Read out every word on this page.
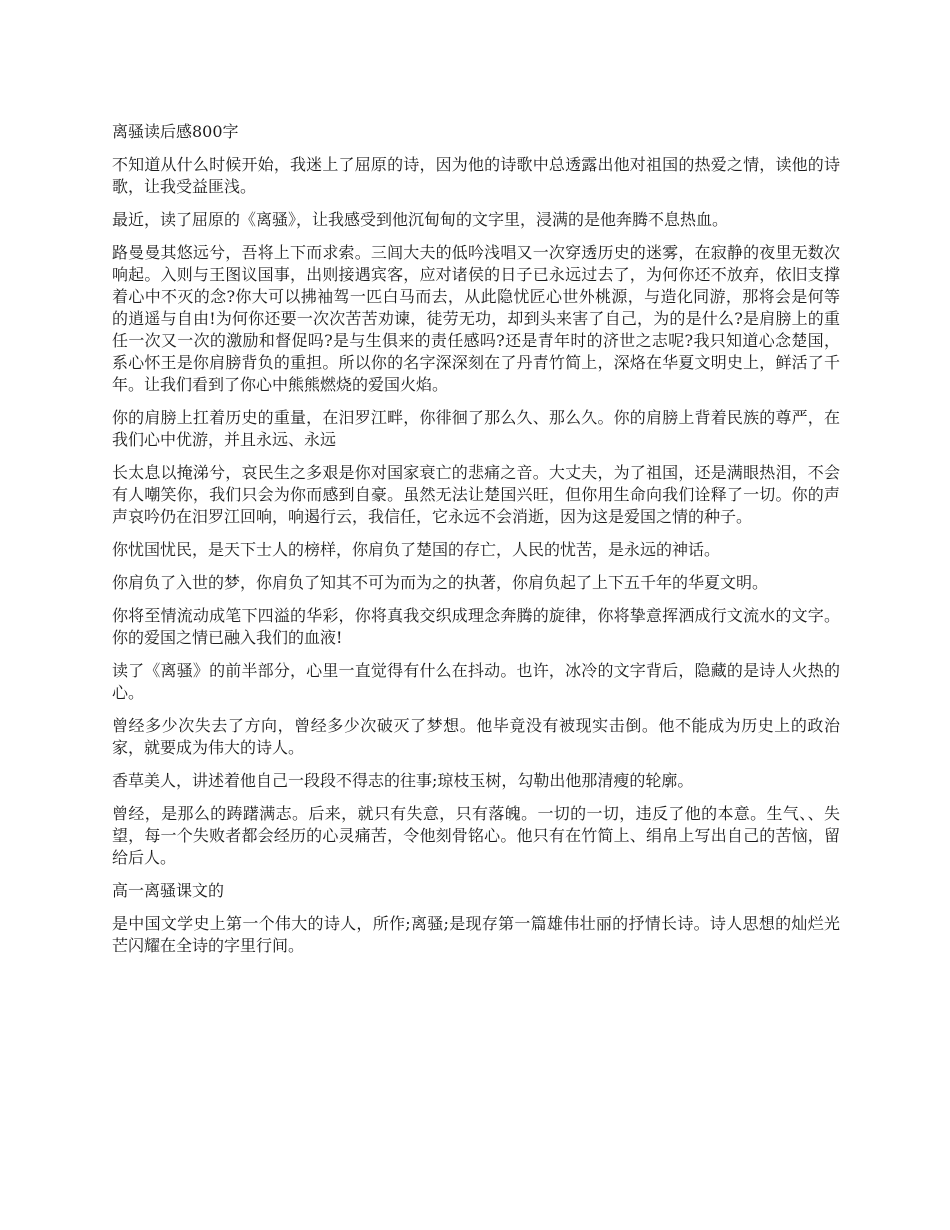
离骚读后感800字

不知道从什么时候开始，我迷上了屈原的诗，因为他的诗歌中总透露出他对祖国的热爱之情，读他的诗歌，让我受益匪浅。

最近，读了屈原的《离骚》，让我感受到他沉甸甸的文字里，浸满的是他奔腾不息热血。

路曼曼其悠远兮，吾将上下而求索。三闾大夫的低吟浅唱又一次穿透历史的迷雾，在寂静的夜里无数次响起。入则与王图议国事，出则接遇宾客，应对诸侯的日子已永远过去了，为何你还不放弃，依旧支撑着心中不灭的念?你大可以拂袖驾一匹白马而去，从此隐忧匠心世外桃源，与造化同游，那将会是何等的逍遥与自由!为何你还要一次次苦苦劝谏，徒劳无功，却到头来害了自己，为的是什么?是肩膀上的重任一次又一次的激励和督促吗?是与生俱来的责任感吗?还是青年时的济世之志呢?我只知道心念楚国，系心怀王是你肩膀背负的重担。所以你的名字深深刻在了丹青竹简上，深烙在华夏文明史上，鲜活了千年。让我们看到了你心中熊熊燃烧的爱国火焰。

你的肩膀上扛着历史的重量，在汨罗江畔，你徘徊了那么久、那么久。你的肩膀上背着民族的尊严，在我们心中优游，并且永远、永远

长太息以掩涕兮，哀民生之多艰是你对国家衰亡的悲痛之音。大丈夫，为了祖国，还是满眼热泪，不会有人嘲笑你，我们只会为你而感到自豪。虽然无法让楚国兴旺，但你用生命向我们诠释了一切。你的声声哀吟仍在汨罗江回响，响遏行云，我信任，它永远不会消逝，因为这是爱国之情的种子。

你忧国忧民，是天下士人的榜样，你肩负了楚国的存亡，人民的忧苦，是永远的神话。

你肩负了入世的梦，你肩负了知其不可为而为之的执著，你肩负起了上下五千年的华夏文明。

你将至情流动成笔下四溢的华彩，你将真我交织成理念奔腾的旋律，你将挚意挥洒成行文流水的文字。你的爱国之情已融入我们的血液!

读了《离骚》的前半部分，心里一直觉得有什么在抖动。也许，冰冷的文字背后，隐藏的是诗人火热的心。

曾经多少次失去了方向，曾经多少次破灭了梦想。他毕竟没有被现实击倒。他不能成为历史上的政治家，就要成为伟大的诗人。

香草美人，讲述着他自己一段段不得志的往事;琼枝玉树，勾勒出他那清瘦的轮廓。

曾经，是那么的踌躇满志。后来，就只有失意，只有落魄。一切的一切，违反了他的本意。生气、、失望，每一个失败者都会经历的心灵痛苦，令他刻骨铭心。他只有在竹简上、绢帛上写出自己的苦恼，留给后人。

高一离骚课文的

是中国文学史上第一个伟大的诗人，所作;离骚;是现存第一篇雄伟壮丽的抒情长诗。诗人思想的灿烂光芒闪耀在全诗的字里行间。
